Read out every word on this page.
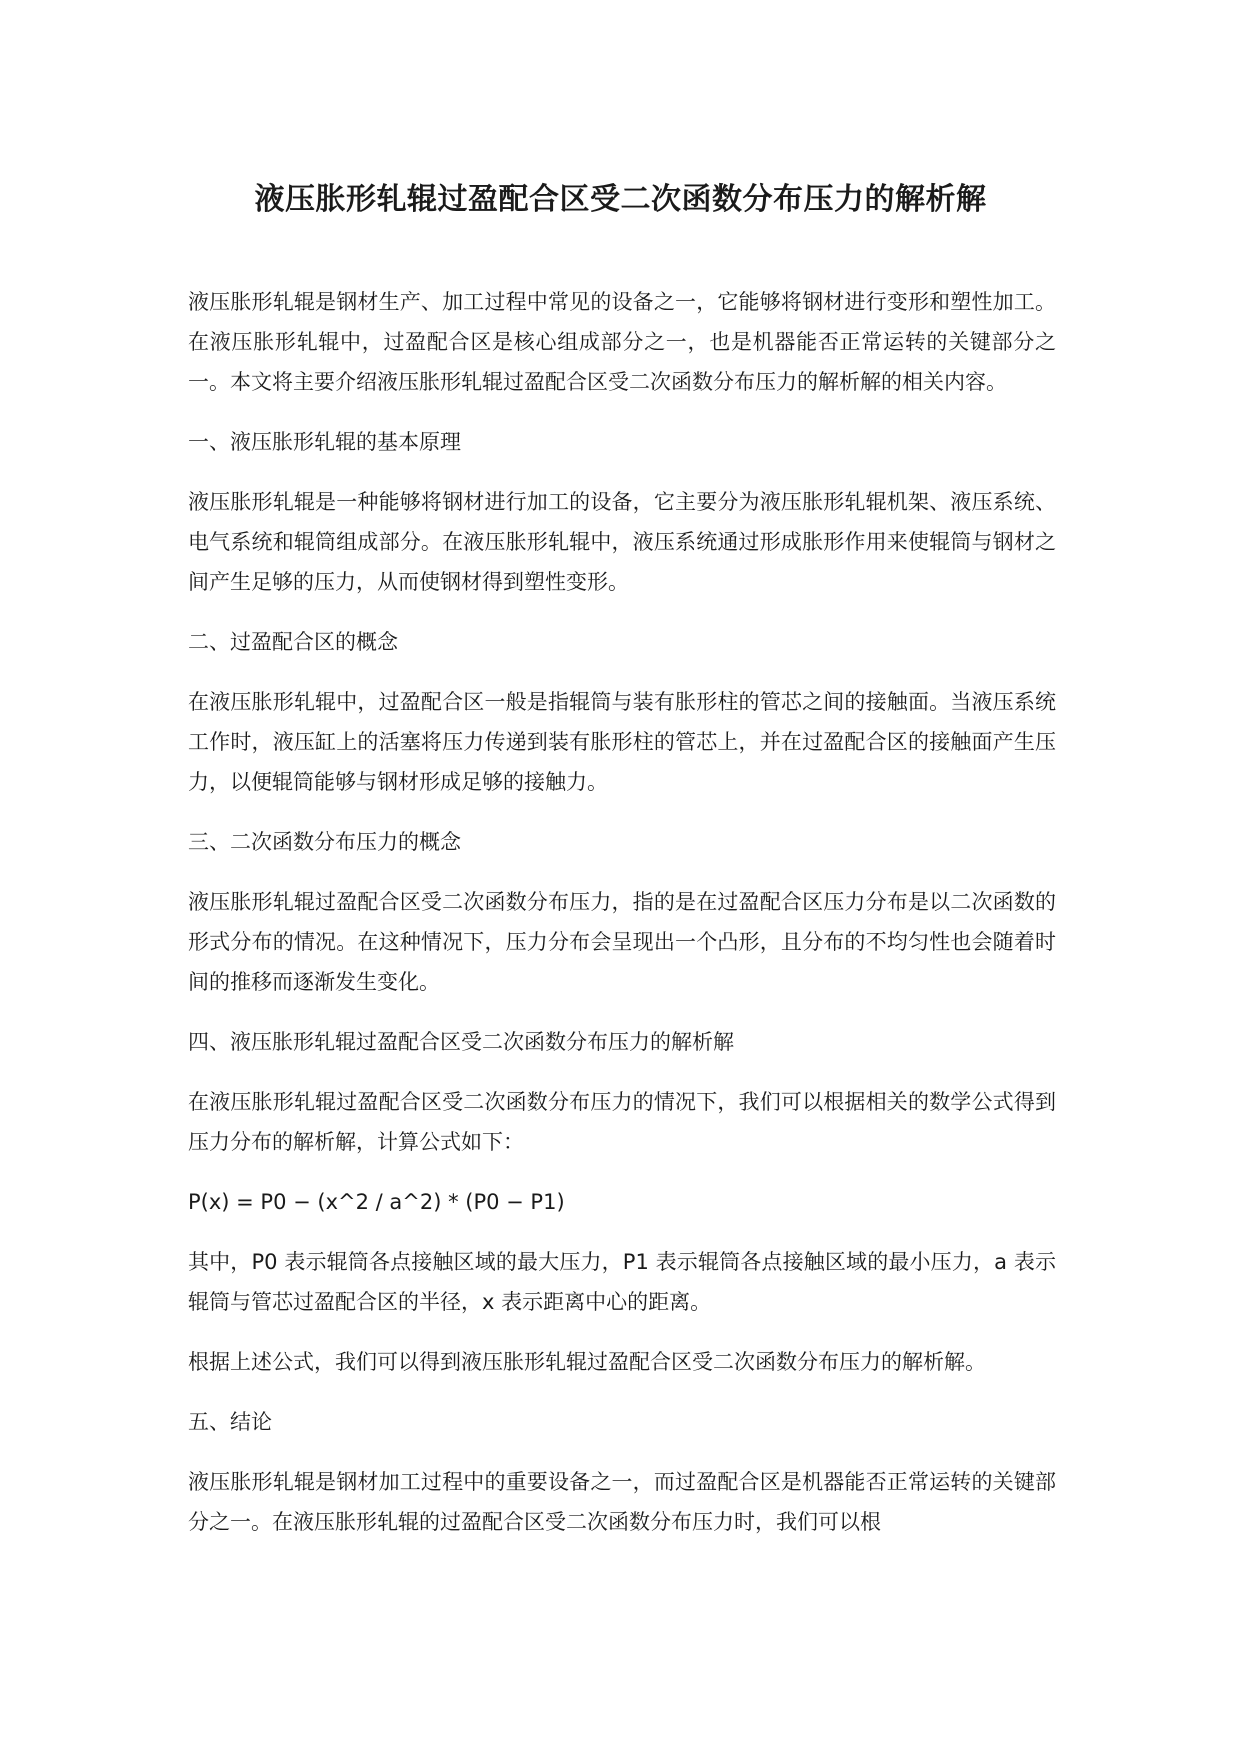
液压胀形轧辊过盈配合区受二次函数分布压力的解析解

液压胀形轧辊是钢材生产、加工过程中常见的设备之一，它能够将钢材进行变形和塑性加工。在液压胀形轧辊中，过盈配合区是核心组成部分之一，也是机器能否正常运转的关键部分之一。本文将主要介绍液压胀形轧辊过盈配合区受二次函数分布压力的解析解的相关内容。

一、液压胀形轧辊的基本原理

液压胀形轧辊是一种能够将钢材进行加工的设备，它主要分为液压胀形轧辊机架、液压系统、电气系统和辊筒组成部分。在液压胀形轧辊中，液压系统通过形成胀形作用来使辊筒与钢材之间产生足够的压力，从而使钢材得到塑性变形。

二、过盈配合区的概念

在液压胀形轧辊中，过盈配合区一般是指辊筒与装有胀形柱的管芯之间的接触面。当液压系统工作时，液压缸上的活塞将压力传递到装有胀形柱的管芯上，并在过盈配合区的接触面产生压力，以便辊筒能够与钢材形成足够的接触力。

三、二次函数分布压力的概念

液压胀形轧辊过盈配合区受二次函数分布压力，指的是在过盈配合区压力分布是以二次函数的形式分布的情况。在这种情况下，压力分布会呈现出一个凸形，且分布的不均匀性也会随着时间的推移而逐渐发生变化。

四、液压胀形轧辊过盈配合区受二次函数分布压力的解析解

在液压胀形轧辊过盈配合区受二次函数分布压力的情况下，我们可以根据相关的数学公式得到压力分布的解析解，计算公式如下：

P(x) = P0 − (x^2 / a^2) * (P0 − P1)

其中，P0 表示辊筒各点接触区域的最大压力，P1 表示辊筒各点接触区域的最小压力，a 表示辊筒与管芯过盈配合区的半径，x 表示距离中心的距离。

根据上述公式，我们可以得到液压胀形轧辊过盈配合区受二次函数分布压力的解析解。

五、结论

液压胀形轧辊是钢材加工过程中的重要设备之一，而过盈配合区是机器能否正常运转的关键部分之一。在液压胀形轧辊的过盈配合区受二次函数分布压力时，我们可以根
